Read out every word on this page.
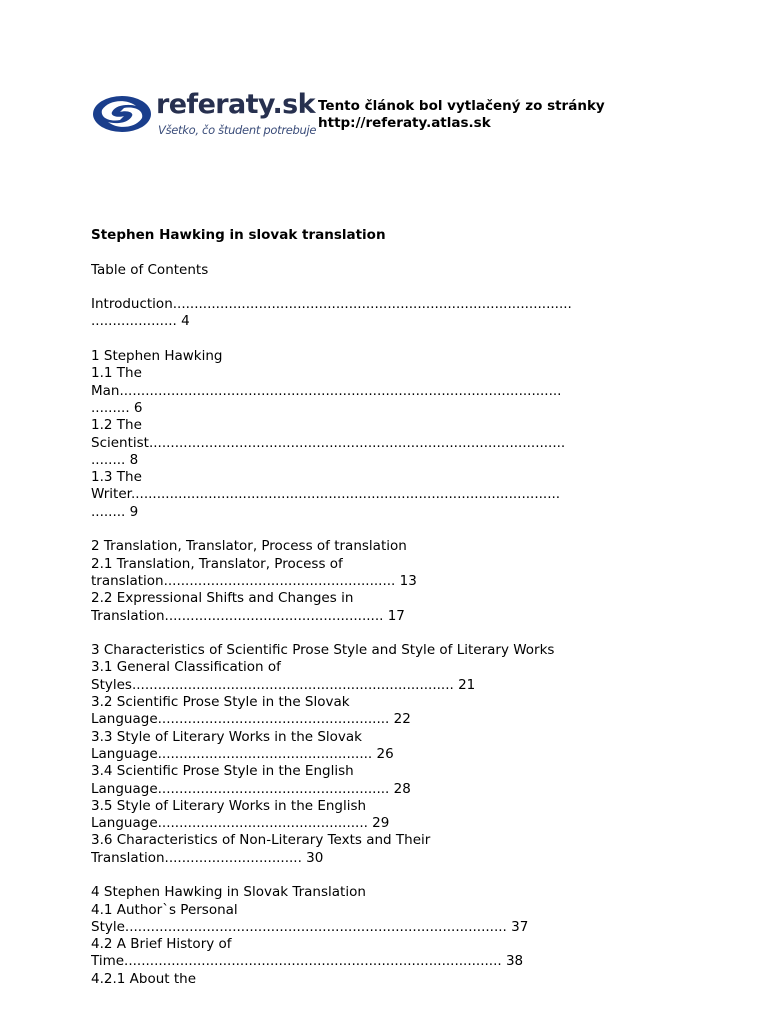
referaty.sk
Všetko, čo študent potrebuje
Tento článok bol vytlačený zo stránky
http://referaty.atlas.sk
Stephen Hawking in slovak translation
Table of Contents
Introduction.............................................................................................
.................... 4
1 Stephen Hawking
1.1 The
Man.......................................................................................................
......... 6
1.2 The
Scientist.................................................................................................
........ 8
1.3 The
Writer....................................................................................................
........ 9
2 Translation, Translator, Process of translation
2.1 Translation, Translator, Process of
translation...................................................... 13
2.2 Expressional Shifts and Changes in
Translation................................................... 17
3 Characteristics of Scientific Prose Style and Style of Literary Works
3.1 General Classification of
Styles........................................................................... 21
3.2 Scientific Prose Style in the Slovak
Language...................................................... 22
3.3 Style of Literary Works in the Slovak
Language.................................................. 26
3.4 Scientific Prose Style in the English
Language...................................................... 28
3.5 Style of Literary Works in the English
Language................................................. 29
3.6 Characteristics of Non-Literary Texts and Their
Translation................................ 30
4 Stephen Hawking in Slovak Translation
4.1 Author`s Personal
Style......................................................................................... 37
4.2 A Brief History of
Time........................................................................................ 38
4.2.1 About the
